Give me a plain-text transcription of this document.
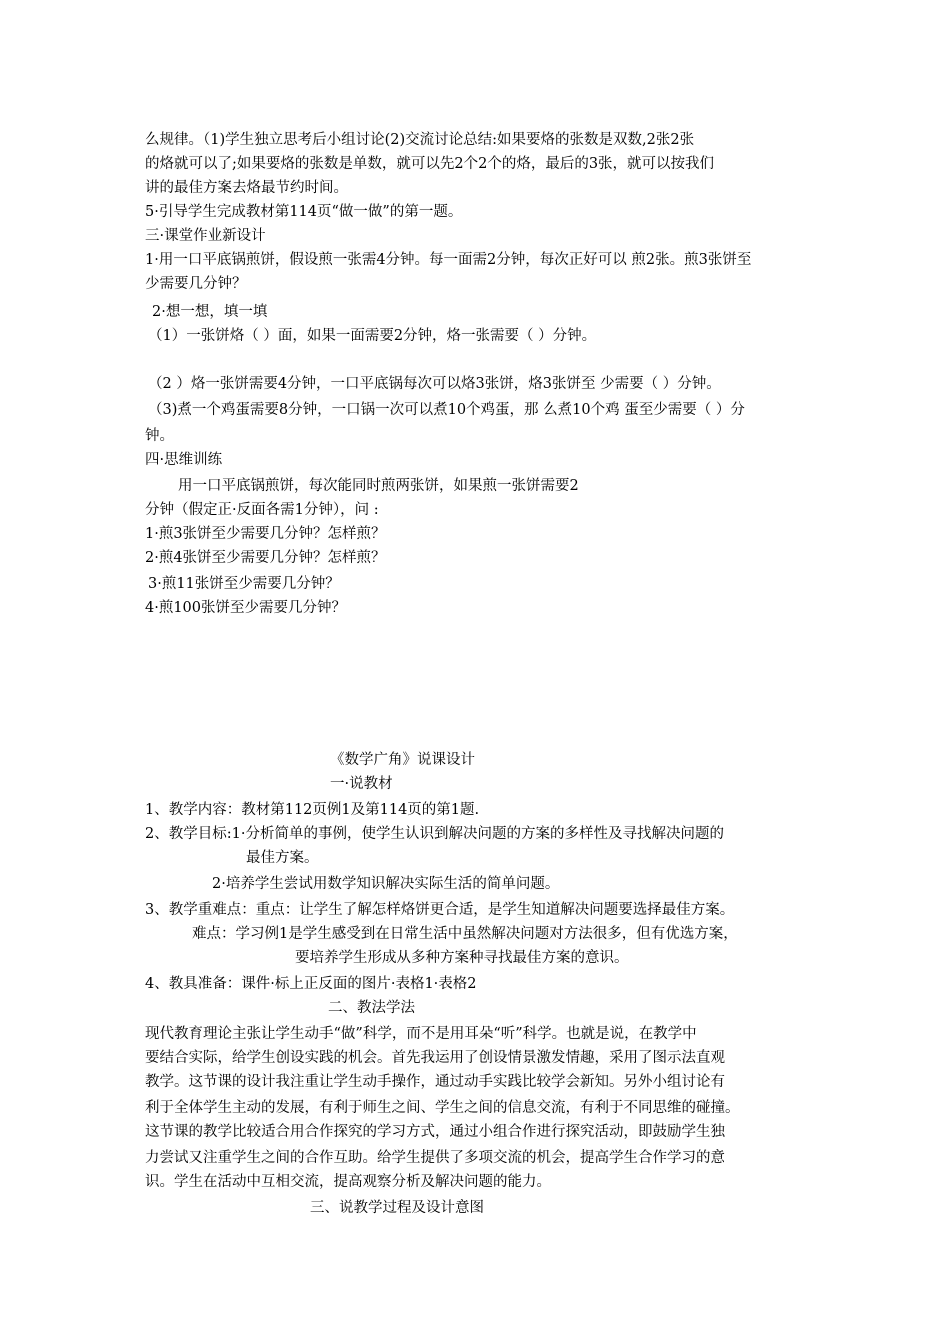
么规律。（1)学生独立思考后小组讨论(2)交流讨论总结:如果要烙的张数是双数,2张2张
的烙就可以了;如果要烙的张数是单数，就可以先2个2个的烙，最后的3张，就可以按我们
讲的最佳方案去烙最节约时间。
5·引导学生完成教材第114页“做一做”的第一题。
三·课堂作业新设计
1·用一口平底锅煎饼，假设煎一张需4分钟。每一面需2分钟，每次正好可以 煎2张。煎3张饼至
少需要几分钟？
2·想一想，填一填
（1）一张饼烙（ ）面，如果一面需要2分钟，烙一张需要（ ）分钟。
（2 ）烙一张饼需要4分钟，一口平底锅每次可以烙3张饼，烙3张饼至 少需要（ ）分钟。
（3)煮一个鸡蛋需要8分钟，一口锅一次可以煮10个鸡蛋，那 么煮10个鸡 蛋至少需要（ ）分
钟。
四·思维训练
用一口平底锅煎饼，每次能同时煎两张饼，如果煎一张饼需要2
分钟（假定正·反面各需1分钟），问 :
1·煎3张饼至少需要几分钟？怎样煎？
2·煎4张饼至少需要几分钟？怎样煎？
3·煎11张饼至少需要几分钟？
4·煎100张饼至少需要几分钟？
《数学广角》说课设计
一·说教材
1、教学内容：教材第112页例1及第114页的第1题.
2、教学目标:1·分析简单的事例，使学生认识到解决问题的方案的多样性及寻找解决问题的
最佳方案。
2·培养学生尝试用数学知识解决实际生活的简单问题。
3、教学重难点：重点：让学生了解怎样烙饼更合适，是学生知道解决问题要选择最佳方案。
难点：学习例1是学生感受到在日常生活中虽然解决问题对方法很多，但有优选方案，
要培养学生形成从多种方案种寻找最佳方案的意识。
4、教具准备：课件·标上正反面的图片·表格1·表格2
二、教法学法
现代教育理论主张让学生动手“做”科学，而不是用耳朵“听”科学。也就是说，在教学中
要结合实际，给学生创设实践的机会。首先我运用了创设情景激发情趣，采用了图示法直观
教学。这节课的设计我注重让学生动手操作，通过动手实践比较学会新知。另外小组讨论有
利于全体学生主动的发展，有利于师生之间、学生之间的信息交流，有利于不同思维的碰撞。
这节课的教学比较适合用合作探究的学习方式，通过小组合作进行探究活动，即鼓励学生独
力尝试又注重学生之间的合作互助。给学生提供了多项交流的机会，提高学生合作学习的意
识。学生在活动中互相交流，提高观察分析及解决问题的能力。
三、说教学过程及设计意图
